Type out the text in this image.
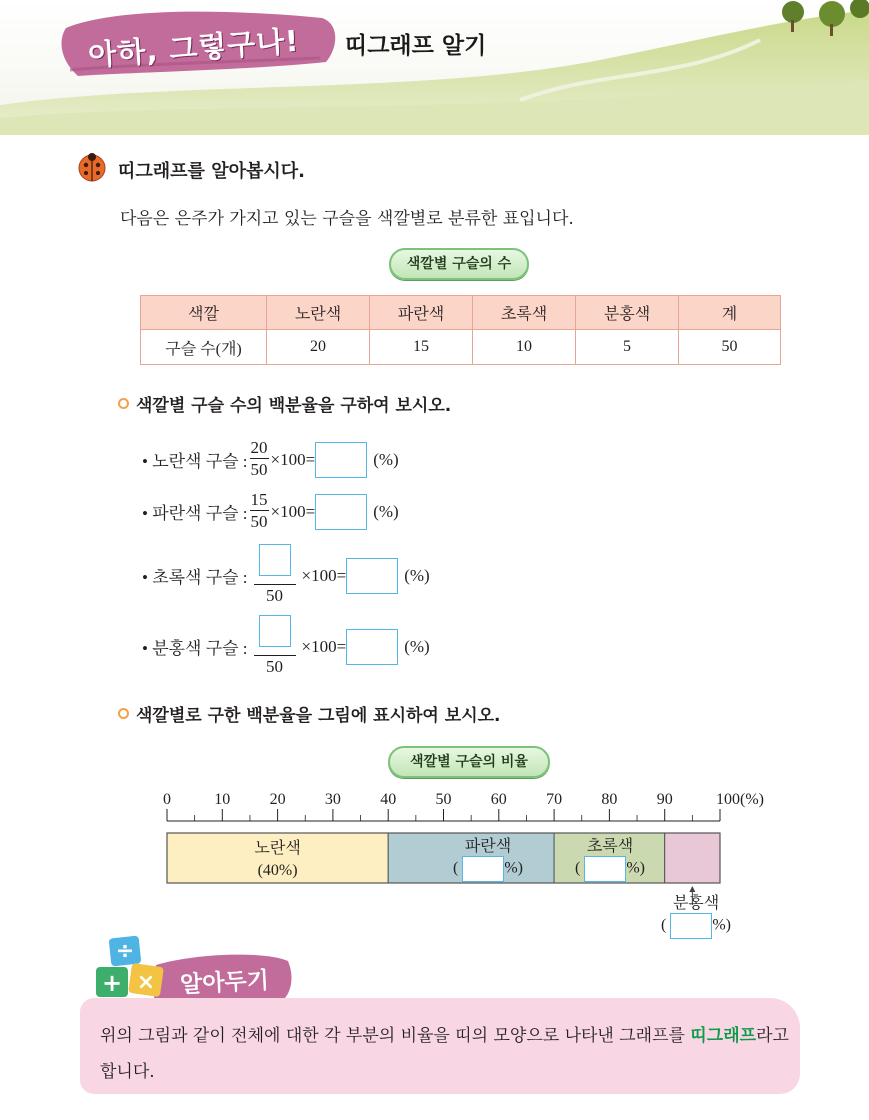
아하, 그렇구나! 띠그래프 알기
띠그래프를 알아봅시다.
다음은 은주가 가지고 있는 구슬을 색깔별로 분류한 표입니다.
색깔별 구슬의 수
색깔	노란색	파란색	초록색	분홍색	계
구슬 수(개)	20	15	10	5	50
색깔별 구슬 수의 백분율을 구하여 보시오.
• 노란색 구슬 : $\frac{20}{50} \times 100=$	(%)
• 파란색 구슬 : $\frac{15}{50} \times 100=$	(%)
• 초록색 구슬 :
50
×100=	(%)
• 분홍색 구슬 :
50
×100=	(%)
색깔별로 구한 백분율을 그림에 표시하여 보시오.
색깔별 구슬의 비율
0	10 20 30 40 50 60 70 80 90	100(%)
노란색
(40%)
파란색
(	%)
초록색
(	%)
분홍색
(	%)
÷
+ × 알아두기
위의 그림과 같이 전체에 대한 각 부분의 비율을 띠의 모양으로 나타낸 그래프를 띠그래프라고 합니다.
